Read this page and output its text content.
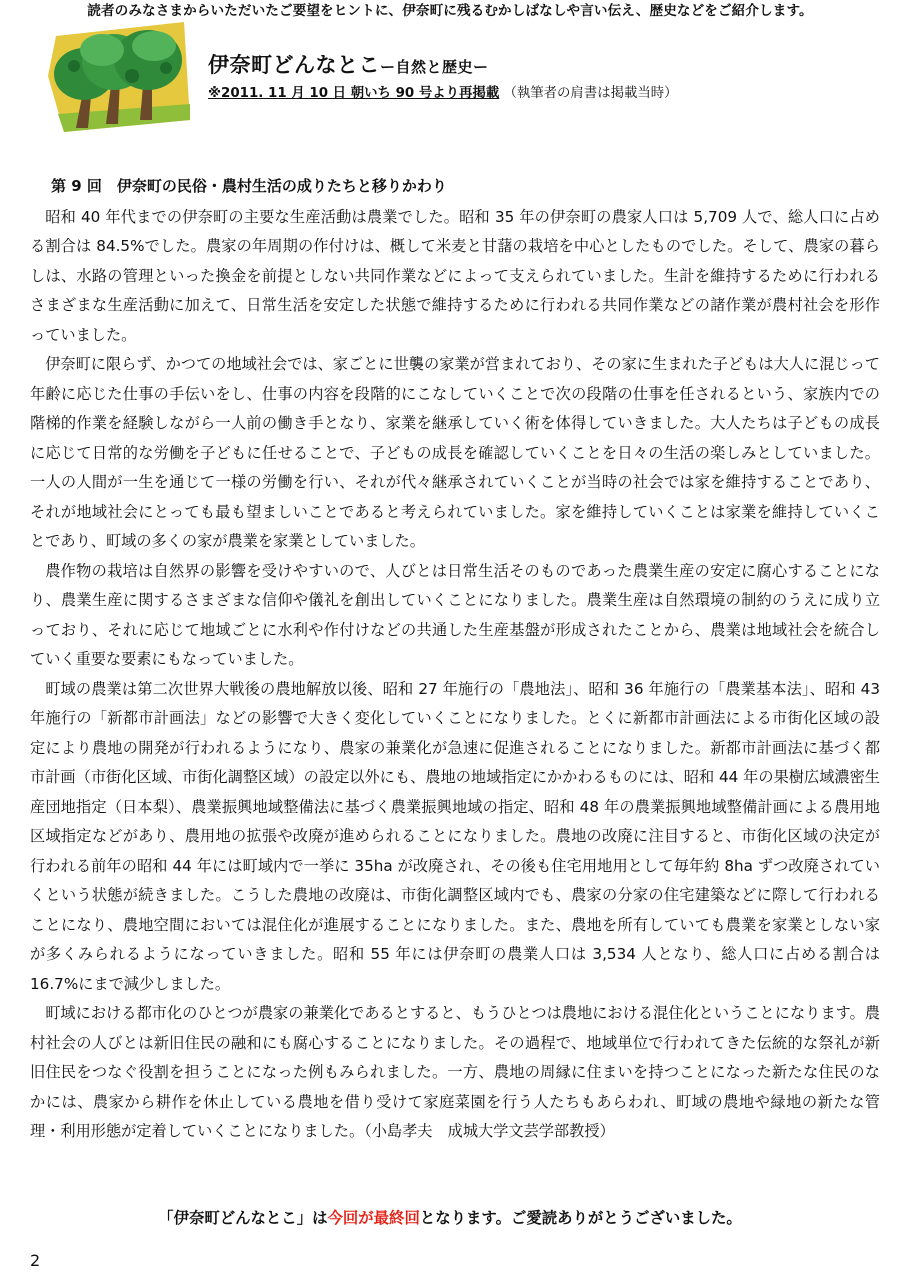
読者のみなさまからいただいたご要望をヒントに、伊奈町に残るむかしばなしや言い伝え、歴史などをご紹介します。
伊奈町どんなとこー自然と歴史ー
※2011. 11 月 10 日 朝いち 90 号より再掲載 （執筆者の肩書は掲載当時）
第 9 回　伊奈町の民俗・農村生活の成りたちと移りかわり

昭和 40 年代までの伊奈町の主要な生産活動は農業でした。昭和 35 年の伊奈町の農家人口は 5,709 人で、総人口に占める割合は 84.5%でした。農家の年周期の作付けは、概して米麦と甘藷の栽培を中心としたものでした。そして、農家の暮らしは、水路の管理といった換金を前提としない共同作業などによって支えられていました。生計を維持するために行われるさまざまな生産活動に加えて、日常生活を安定した状態で維持するために行われる共同作業などの諸作業が農村社会を形作っていました。

伊奈町に限らず、かつての地域社会では、家ごとに世襲の家業が営まれており、その家に生まれた子どもは大人に混じって年齢に応じた仕事の手伝いをし、仕事の内容を段階的にこなしていくことで次の段階の仕事を任されるという、家族内での階梯的作業を経験しながら一人前の働き手となり、家業を継承していく術を体得していきました。大人たちは子どもの成長に応じて日常的な労働を子どもに任せることで、子どもの成長を確認していくことを日々の生活の楽しみとしていました。一人の人間が一生を通じて一様の労働を行い、それが代々継承されていくことが当時の社会では家を維持することであり、それが地域社会にとっても最も望ましいことであると考えられていました。家を維持していくことは家業を維持していくことであり、町域の多くの家が農業を家業としていました。

農作物の栽培は自然界の影響を受けやすいので、人びとは日常生活そのものであった農業生産の安定に腐心することになり、農業生産に関するさまざまな信仰や儀礼を創出していくことになりました。農業生産は自然環境の制約のうえに成り立っており、それに応じて地域ごとに水利や作付けなどの共通した生産基盤が形成されたことから、農業は地域社会を統合していく重要な要素にもなっていました。

町域の農業は第二次世界大戦後の農地解放以後、昭和 27 年施行の「農地法」、昭和 36 年施行の「農業基本法」、昭和 43 年施行の「新都市計画法」などの影響で大きく変化していくことになりました。とくに新都市計画法による市街化区域の設定により農地の開発が行われるようになり、農家の兼業化が急速に促進されることになりました。新都市計画法に基づく都市計画（市街化区域、市街化調整区域）の設定以外にも、農地の地域指定にかかわるものには、昭和 44 年の果樹広域濃密生産団地指定（日本梨）、農業振興地域整備法に基づく農業振興地域の指定、昭和 48 年の農業振興地域整備計画による農用地区域指定などがあり、農用地の拡張や改廃が進められることになりました。農地の改廃に注目すると、市街化区域の決定が行われる前年の昭和 44 年には町域内で一挙に 35ha が改廃され、その後も住宅用地用として毎年約 8ha ずつ改廃されていくという状態が続きました。こうした農地の改廃は、市街化調整区域内でも、農家の分家の住宅建築などに際して行われることになり、農地空間においては混住化が進展することになりました。また、農地を所有していても農業を家業としない家が多くみられるようになっていきました。昭和 55 年には伊奈町の農業人口は 3,534 人となり、総人口に占める割合は 16.7%にまで減少しました。

町域における都市化のひとつが農家の兼業化であるとすると、もうひとつは農地における混住化ということになります。農村社会の人びとは新旧住民の融和にも腐心することになりました。その過程で、地域単位で行われてきた伝統的な祭礼が新旧住民をつなぐ役割を担うことになった例もみられました。一方、農地の周縁に住まいを持つことになった新たな住民のなかには、農家から耕作を休止している農地を借り受けて家庭菜園を行う人たちもあらわれ、町域の農地や緑地の新たな管理・利用形態が定着していくことになりました。（小島孝夫　成城大学文芸学部教授）

「伊奈町どんなとこ」は今回が最終回となります。ご愛読ありがとうございました。
2
